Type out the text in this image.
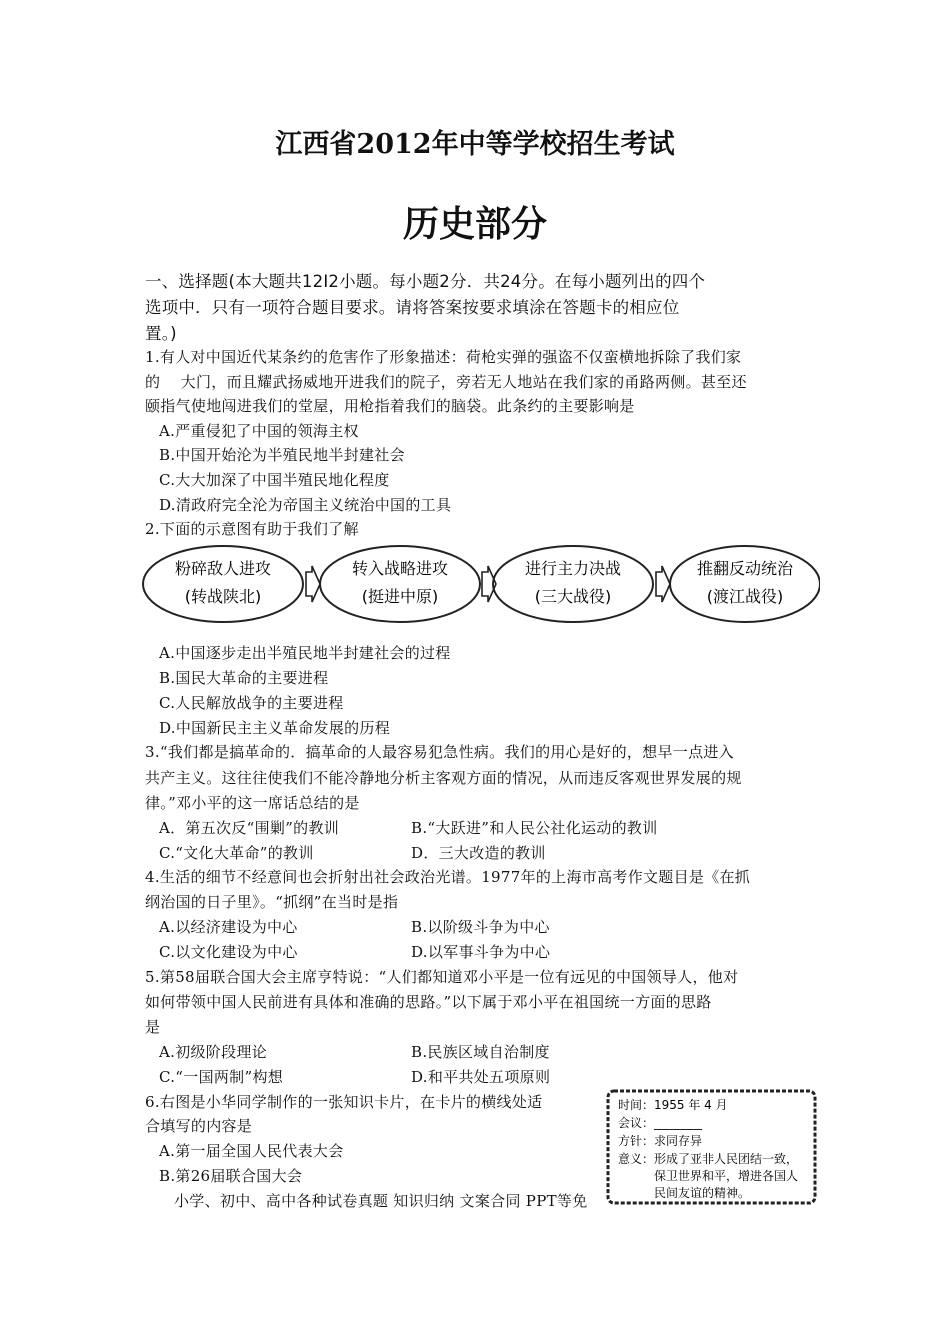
江西省2012年中等学校招生考试
历史部分
一、选择题(本大题共12I2小题。每小题2分．共24分。在每小题列出的四个
选项中．只有一项符合题目要求。请将答案按要求填涂在答题卡的相应位
置。)
1.有人对中国近代某条约的危害作了形象描述：荷枪实弹的强盗不仅蛮横地拆除了我们家
的　 大门，而且耀武扬威地开进我们的院子，旁若无人地站在我们家的甬路两侧。甚至还
颐指气使地闯进我们的堂屋，用枪指着我们的脑袋。此条约的主要影响是
A.严重侵犯了中国的领海主权
B.中国开始沦为半殖民地半封建社会
C.大大加深了中国半殖民地化程度
D.清政府完全沦为帝国主义统治中国的工具
2.下面的示意图有助于我们了解
粉碎敌人进攻
(转战陕北)
转入战略进攻
(挺进中原)
进行主力决战
(三大战役)
推翻反动统治
(渡江战役)
A.中国逐步走出半殖民地半封建社会的过程
B.国民大革命的主要进程
C.人民解放战争的主要进程
D.中国新民主主义革命发展的历程
3.“我们都是搞革命的．搞革命的人最容易犯急性病。我们的用心是好的，想早一点进入
共产主义。这往往使我们不能冷静地分析主客观方面的情况，从而违反客观世界发展的规
律。”邓小平的这一席话总结的是
A．第五次反“围剿”的教训	B.“大跃进”和人民公社化运动的教训
C.“文化大革命”的教训	D．三大改造的教训
4.生活的细节不经意间也会折射出社会政治光谱。1977年的上海市高考作文题目是《在抓
纲治国的日子里》。“抓纲”在当时是指
A.以经济建设为中心	B.以阶级斗争为中心
C.以文化建设为中心	D.以军事斗争为中心
5.第58届联合国大会主席亨特说：“人们都知道邓小平是一位有远见的中国领导人，他对
如何带领中国人民前进有具体和准确的思路。”以下属于邓小平在祖国统一方面的思路
是
A.初级阶段理论	B.民族区域自治制度
C.“一国两制”构想	D.和平共处五项原则
6.右图是小华同学制作的一张知识卡片，在卡片的横线处适
合填写的内容是
A.第一届全国人民代表大会
B.第26届联合国大会
时间：1955 年 4 月
会议：________
方针：求同存异
意义：形成了亚非人民团结一致，
保卫世界和平，增进各国人
民间友谊的精神。
小学、初中、高中各种试卷真题 知识归纳 文案合同 PPT等免
